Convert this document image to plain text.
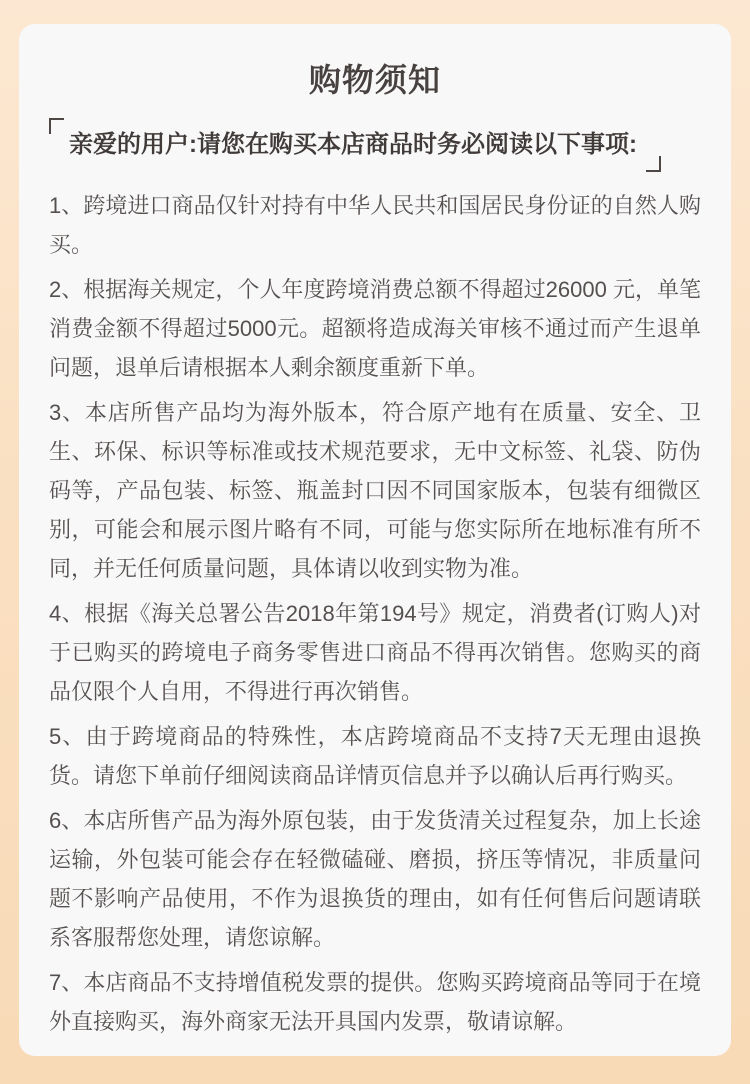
购物须知
亲爱的用户:请您在购买本店商品时务必阅读以下事项:

1、跨境进口商品仅针对持有中华人民共和国居民身份证的自然人购买。

2、根据海关规定，个人年度跨境消费总额不得超过26000 元，单笔消费金额不得超过5000元。超额将造成海关审核不通过而产生退单问题，退单后请根据本人剩余额度重新下单。

3、本店所售产品均为海外版本，符合原产地有在质量、安全、卫生、环保、标识等标准或技术规范要求，无中文标签、礼袋、防伪码等，产品包装、标签、瓶盖封口因不同国家版本，包装有细微区别，可能会和展示图片略有不同，可能与您实际所在地标准有所不同，并无任何质量问题，具体请以收到实物为准。

4、根据《海关总署公告2018年第194号》规定，消费者(订购人)对于已购买的跨境电子商务零售进口商品不得再次销售。您购买的商品仅限个人自用，不得进行再次销售。

5、由于跨境商品的特殊性，本店跨境商品不支持7天无理由退换货。请您下单前仔细阅读商品详情页信息并予以确认后再行购买。

6、本店所售产品为海外原包装，由于发货清关过程复杂，加上长途运输，外包装可能会存在轻微磕碰、磨损，挤压等情况，非质量问题不影响产品使用，不作为退换货的理由，如有任何售后问题请联系客服帮您处理，请您谅解。

7、本店商品不支持增值税发票的提供。您购买跨境商品等同于在境外直接购买，海外商家无法开具国内发票，敬请谅解。
